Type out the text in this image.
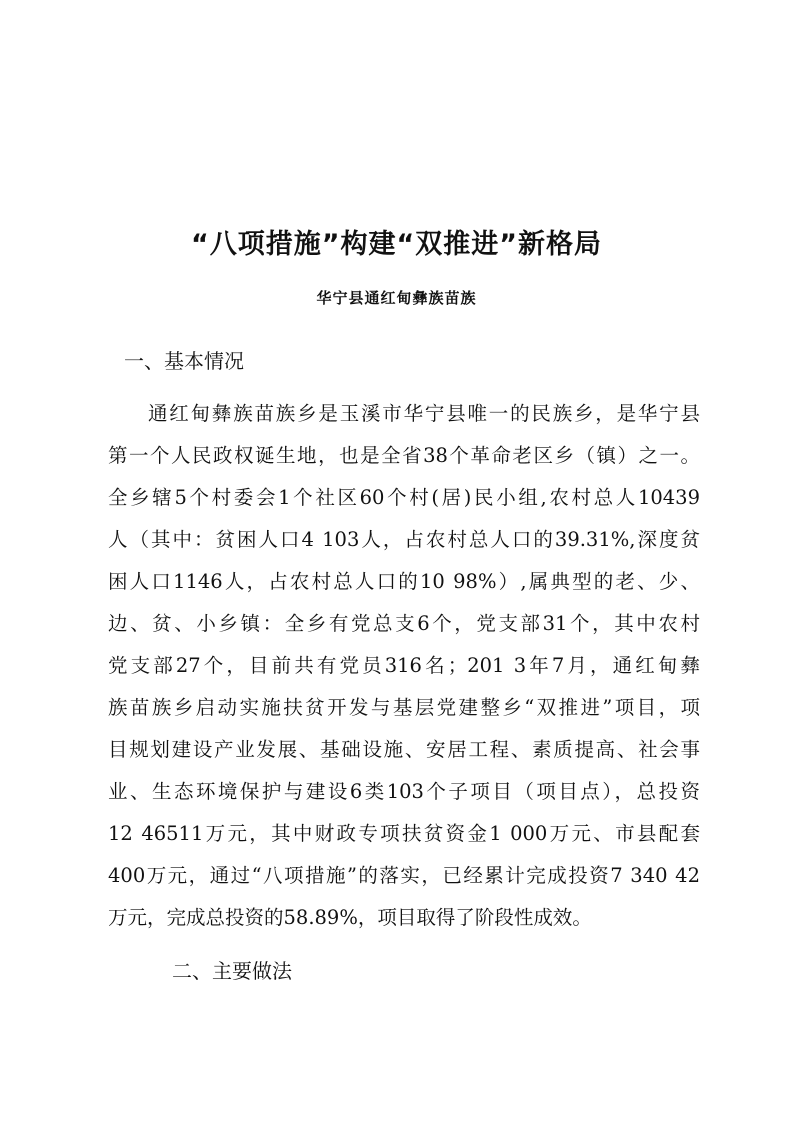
“八项措施”构建“双推进”新格局
华宁县通红甸彝族苗族
一、基本情况
通红甸彝族苗族乡是玉溪市华宁县唯一的民族乡，是华宁县
第一个人民政权诞生地，也是全省38个革命老区乡（镇）之一。
全乡辖5个村委会1个社区60个村(居)民小组,农村总人10439
人（其中：贫困人口4 103人，占农村总人口的39.31%,深度贫
困人口1146人，占农村总人口的10 98%）,属典型的老、少、
边、贫、小乡镇：全乡有党总支6个，党支部31个，其中农村
党支部27个，目前共有党员316名；201 3年7月，通红甸彝
族苗族乡启动实施扶贫开发与基层党建整乡“双推进”项目，项
目规划建设产业发展、基础设施、安居工程、素质提高、社会事
业、生态环境保护与建设6类103个子项目（项目点），总投资
12 46511万元，其中财政专项扶贫资金1 000万元、市县配套
400万元，通过“八项措施”的落实，已经累计完成投资7 340 42
万元，完成总投资的58.89%，项目取得了阶段性成效。
二、主要做法
